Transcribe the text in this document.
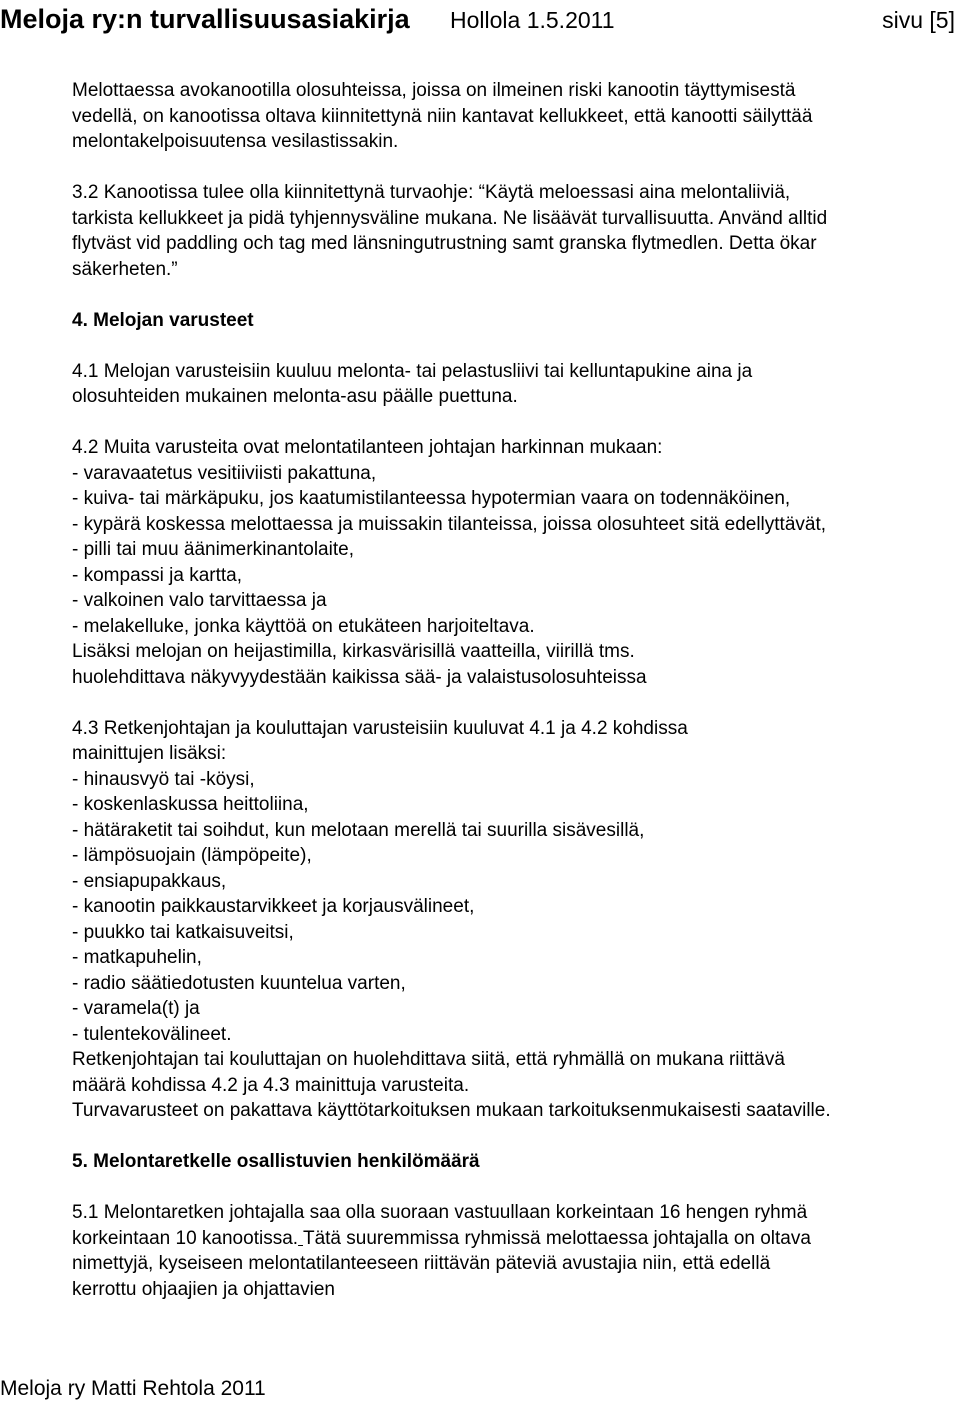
Meloja ry:n turvallisuusasiakirja Hollola 1.5.2011	sivu [5]

Melottaessa avokanootilla olosuhteissa, joissa on ilmeinen riski kanootin täyttymisestä vedellä, on kanootissa oltava kiinnitettynä niin kantavat kellukkeet, että kanootti säilyttää melontakelpoisuutensa vesilastissakin.

3.2 Kanootissa tulee olla kiinnitettynä turvaohje: “Käytä meloessasi aina melontaliiviä, tarkista kellukkeet ja pidä tyhjennysväline mukana. Ne lisäävät turvallisuutta. Använd alltid flytväst vid paddling och tag med länsningutrustning samt granska flytmedlen. Detta ökar säkerheten.”

4. Melojan varusteet

4.1 Melojan varusteisiin kuuluu melonta- tai pelastusliivi tai kelluntapukine aina ja olosuhteiden mukainen melonta-asu päälle puettuna.

4.2 Muita varusteita ovat melontatilanteen johtajan harkinnan mukaan:

- varavaatetus vesitiiviisti pakattuna,

- kuiva- tai märkäpuku, jos kaatumistilanteessa hypotermian vaara on todennäköinen,

- kypärä koskessa melottaessa ja muissakin tilanteissa, joissa olosuhteet sitä edellyttävät,

- pilli tai muu äänimerkinantolaite,

- kompassi ja kartta,

- valkoinen valo tarvittaessa ja

- melakelluke, jonka käyttöä on etukäteen harjoiteltava.

Lisäksi melojan on heijastimilla, kirkasvärisillä vaatteilla, viirillä tms.

huolehdittava näkyvyydestään kaikissa sää- ja valaistusolosuhteissa

4.3 Retkenjohtajan ja kouluttajan varusteisiin kuuluvat 4.1 ja 4.2 kohdissa

mainittujen lisäksi:

- hinausvyö tai -köysi,

- koskenlaskussa heittoliina,

- hätäraketit tai soihdut, kun melotaan merellä tai suurilla sisävesillä,

- lämpösuojain (lämpöpeite),

- ensiapupakkaus,

- kanootin paikkaustarvikkeet ja korjausvälineet,

- puukko tai katkaisuveitsi,

- matkapuhelin,

- radio säätiedotusten kuuntelua varten,

- varamela(t) ja

- tulentekovälineet.

Retkenjohtajan tai kouluttajan on huolehdittava siitä, että ryhmällä on mukana riittävä määrä kohdissa 4.2 ja 4.3 mainittuja varusteita.

Turvavarusteet on pakattava käyttötarkoituksen mukaan tarkoituksenmukaisesti saataville.

5. Melontaretkelle osallistuvien henkilömäärä

5.1 Melontaretken johtajalla saa olla suoraan vastuullaan korkeintaan 16 hengen ryhmä korkeintaan 10 kanootissa. Tätä suuremmissa ryhmissä melottaessa johtajalla on oltava nimettyjä, kyseiseen melontatilanteeseen riittävän päteviä avustajia niin, että edellä kerrottu ohjaajien ja ohjattavien

Meloja ry Matti Rehtola 2011
